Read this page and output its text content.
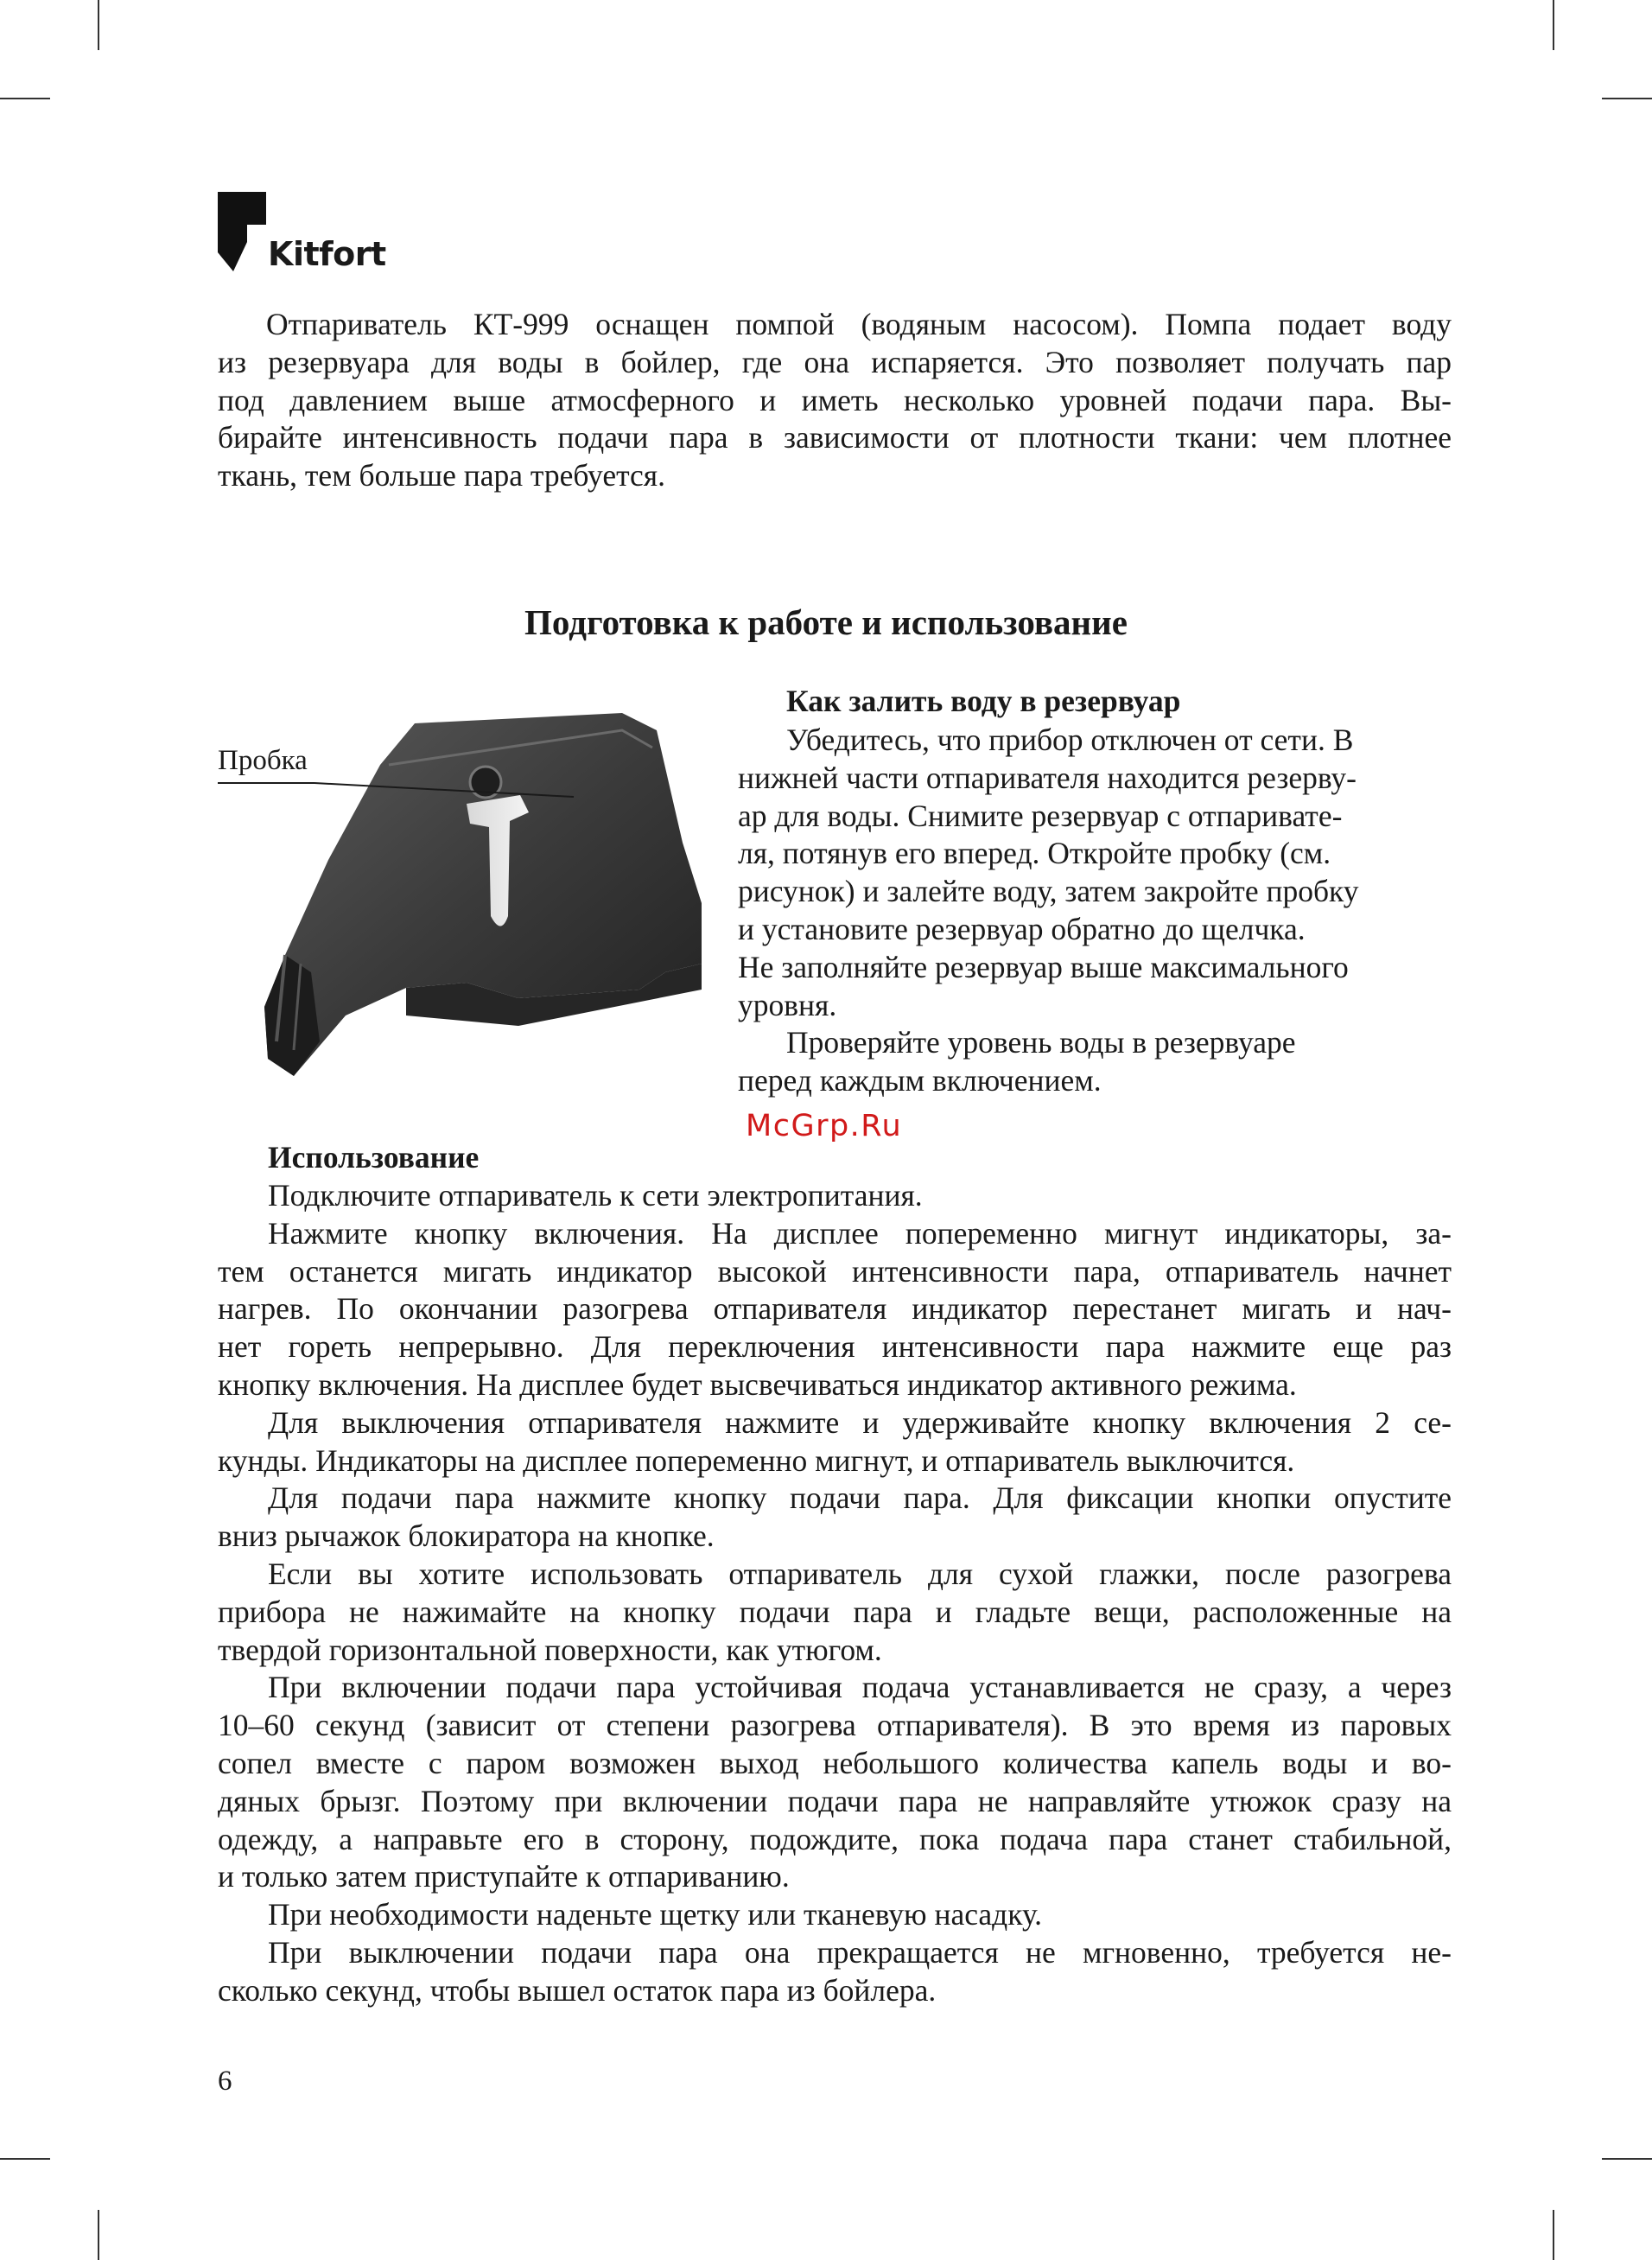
Kitfort
Отпариватель КТ-999 оснащен помпой (водяным насосом). Помпа подает воду
из резервуара для воды в бойлер, где она испаряется. Это позволяет получать пар
под давлением выше атмосферного и иметь несколько уровней подачи пара. Вы-
бирайте интенсивность подачи пара в зависимости от плотности ткани: чем плотнее
ткань, тем больше пара требуется.
Подготовка к работе и использование

Пробка

Как залить воду в резервуар

Убедитесь, что прибор отключен от сети. В
нижней части отпаривателя находится резерву-
ар для воды. Снимите резервуар с отпаривате-
ля, потянув его вперед. Откройте пробку (см.
рисунок) и залейте воду, затем закройте пробку
и установите резервуар обратно до щелчка.
Не заполняйте резервуар выше максимального
уровня.
Проверяйте уровень воды в резервуаре
перед каждым включением.

McGrp.Ru

Использование

Подключите отпариватель к сети электропитания.
Нажмите кнопку включения. На дисплее попеременно мигнут индикаторы, за-
тем останется мигать индикатор высокой интенсивности пара, отпариватель начнет
нагрев. По окончании разогрева отпаривателя индикатор перестанет мигать и нач-
нет гореть непрерывно. Для переключения интенсивности пара нажмите еще раз
кнопку включения. На дисплее будет высвечиваться индикатор активного режима.
Для выключения отпаривателя нажмите и удерживайте кнопку включения 2 се-
кунды. Индикаторы на дисплее попеременно мигнут, и отпариватель выключится.
Для подачи пара нажмите кнопку подачи пара. Для фиксации кнопки опустите
вниз рычажок блокиратора на кнопке.
Если вы хотите использовать отпариватель для сухой глажки, после разогрева
прибора не нажимайте на кнопку подачи пара и гладьте вещи, расположенные на
твердой горизонтальной поверхности, как утюгом.
При включении подачи пара устойчивая подача устанавливается не сразу, а через
10–60 секунд (зависит от степени разогрева отпаривателя). В это время из паровых
сопел вместе с паром возможен выход небольшого количества капель воды и во-
дяных брызг. Поэтому при включении подачи пара не направляйте утюжок сразу на
одежду, а направьте его в сторону, подождите, пока подача пара станет стабильной,
и только затем приступайте к отпариванию.
При необходимости наденьте щетку или тканевую насадку.
При выключении подачи пара она прекращается не мгновенно, требуется не-
сколько секунд, чтобы вышел остаток пара из бойлера.

6
